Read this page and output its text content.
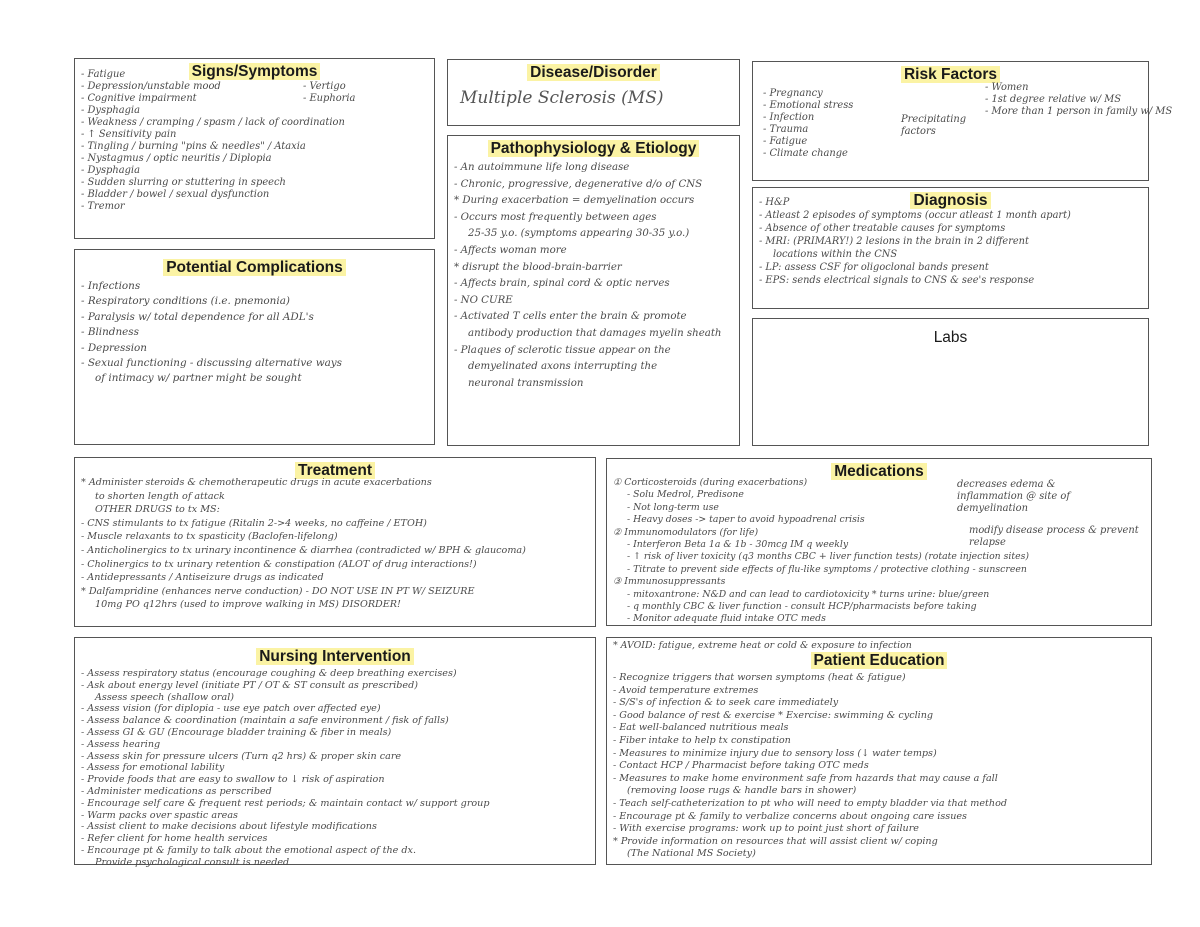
Signs/Symptoms
- Fatigue
- Depression/unstable mood
- Cognitive impairment
- Dysphagia
- Weakness / cramping / spasm / lack of coordination
- ↑ Sensitivity pain
- Tingling / burning "pins & needles" / Ataxia
- Nystagmus / optic neuritis / Diplopia
- Dysphagia
- Sudden slurring or stuttering in speech
- Bladder / bowel / sexual dysfunction
- Tremor
- Vertigo
- Euphoria
Disease/Disorder
Multiple Sclerosis (MS)
Risk Factors
- Pregnancy
- Emotional stress
- Infection
- Trauma
- Fatigue
- Climate change
Precipitating factors
- Women
- 1st degree relative w/ MS
- More than 1 person in family w/ MS
Pathophysiology & Etiology
- An autoimmune life long disease
- Chronic, progressive, degenerative d/o of CNS
* During exacerbation = demyelination occurs
- Occurs most frequently between ages
25-35 y.o. (symptoms appearing 30-35 y.o.)
- Affects woman more
* disrupt the blood-brain-barrier
- Affects brain, spinal cord & optic nerves
- NO CURE
- Activated T cells enter the brain & promote
antibody production that damages myelin sheath
- Plaques of sclerotic tissue appear on the
demyelinated axons interrupting the
neuronal transmission
Diagnosis
- H&P
- Atleast 2 episodes of symptoms (occur atleast 1 month apart)
- Absence of other treatable causes for symptoms
- MRI: (PRIMARY!) 2 lesions in the brain in 2 different
locations within the CNS
- LP: assess CSF for oligoclonal bands present
- EPS: sends electrical signals to CNS & see's response
Potential Complications
- Infections
- Respiratory conditions (i.e. pnemonia)
- Paralysis w/ total dependence for all ADL's
- Blindness
- Depression
- Sexual functioning - discussing alternative ways
of intimacy w/ partner might be sought
Labs
Treatment
* Administer steroids & chemotherapeutic drugs in acute exacerbations
to shorten length of attack
OTHER DRUGS to tx MS:
- CNS stimulants to tx fatigue (Ritalin 2->4 weeks, no caffeine / ETOH)
- Muscle relaxants to tx spasticity (Baclofen-lifelong)
- Anticholinergics to tx urinary incontinence & diarrhea (contradicted w/ BPH & glaucoma)
- Cholinergics to tx urinary retention & constipation (ALOT of drug interactions!)
- Antidepressants / Antiseizure drugs as indicated
* Dalfampridine (enhances nerve conduction) - DO NOT USE IN PT W/ SEIZURE
10mg PO q12hrs (used to improve walking in MS) DISORDER!
Medications
① Corticosteroids (during exacerbations)
- Solu Medrol, Predisone
- Not long-term use
- Heavy doses -> taper to avoid hypoadrenal crisis
② Immunomodulators (for life)
- Interferon Beta 1a & 1b - 30mcg IM q weekly
- ↑ risk of liver toxicity (q3 months CBC + liver function tests) (rotate injection sites)
- Titrate to prevent side effects of flu-like symptoms / protective clothing - sunscreen
③ Immunosuppressants
- mitoxantrone: N&D and can lead to cardiotoxicity * turns urine: blue/green
- q monthly CBC & liver function - consult HCP/pharmacists before taking
- Monitor adequate fluid intake OTC meds
decreases edema & inflammation @ site of demyelination
modify disease process & prevent relapse
Nursing Intervention
- Assess respiratory status (encourage coughing & deep breathing exercises)
- Ask about energy level (initiate PT / OT & ST consult as prescribed)
Assess speech (shallow oral)
- Assess vision (for diplopia - use eye patch over affected eye)
- Assess balance & coordination (maintain a safe environment / fisk of falls)
- Assess GI & GU (Encourage bladder training & fiber in meals)
- Assess hearing
- Assess skin for pressure ulcers (Turn q2 hrs) & proper skin care
- Assess for emotional lability
- Provide foods that are easy to swallow to ↓ risk of aspiration
- Administer medications as perscribed
- Encourage self care & frequent rest periods; & maintain contact w/ support group
- Warm packs over spastic areas
- Assist client to make decisions about lifestyle modifications
- Refer client for home health services
- Encourage pt & family to talk about the emotional aspect of the dx.
Provide psychological consult is needed
* AVOID: fatigue, extreme heat or cold & exposure to infection
Patient Education
- Recognize triggers that worsen symptoms (heat & fatigue)
- Avoid temperature extremes
- S/S's of infection & to seek care immediately
- Good balance of rest & exercise * Exercise: swimming & cycling
- Eat well-balanced nutritious meals
- Fiber intake to help tx constipation
- Measures to minimize injury due to sensory loss (↓ water temps)
- Contact HCP / Pharmacist before taking OTC meds
- Measures to make home environment safe from hazards that may cause a fall
(removing loose rugs & handle bars in shower)
- Teach self-catheterization to pt who will need to empty bladder via that method
- Encourage pt & family to verbalize concerns about ongoing care issues
- With exercise programs: work up to point just short of failure
* Provide information on resources that will assist client w/ coping
(The National MS Society)
